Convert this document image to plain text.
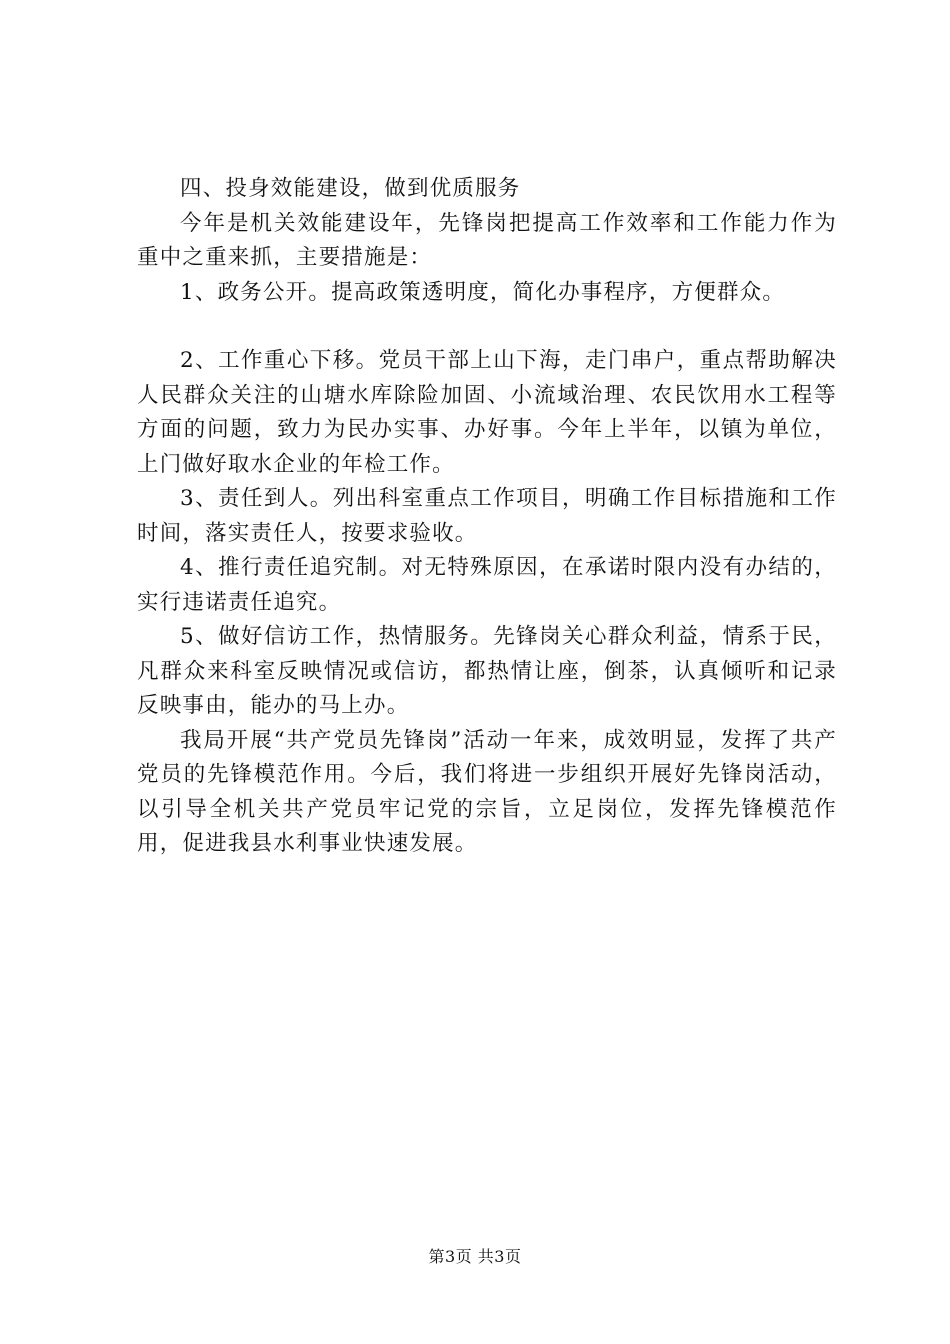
四、投身效能建设，做到优质服务

今年是机关效能建设年，先锋岗把提高工作效率和工作能力作为重中之重来抓，主要措施是：

1、政务公开。提高政策透明度，简化办事程序，方便群众。

2、工作重心下移。党员干部上山下海，走门串户，重点帮助解决人民群众关注的山塘水库除险加固、小流域治理、农民饮用水工程等方面的问题，致力为民办实事、办好事。今年上半年，以镇为单位，上门做好取水企业的年检工作。

3、责任到人。列出科室重点工作项目，明确工作目标措施和工作时间，落实责任人，按要求验收。

4、推行责任追究制。对无特殊原因，在承诺时限内没有办结的，实行违诺责任追究。

5、做好信访工作，热情服务。先锋岗关心群众利益，情系于民，凡群众来科室反映情况或信访，都热情让座，倒茶，认真倾听和记录反映事由，能办的马上办。

我局开展“共产党员先锋岗”活动一年来，成效明显，发挥了共产党员的先锋模范作用。今后，我们将进一步组织开展好先锋岗活动，以引导全机关共产党员牢记党的宗旨，立足岗位，发挥先锋模范作用，促进我县水利事业快速发展。

第3页 共3页
